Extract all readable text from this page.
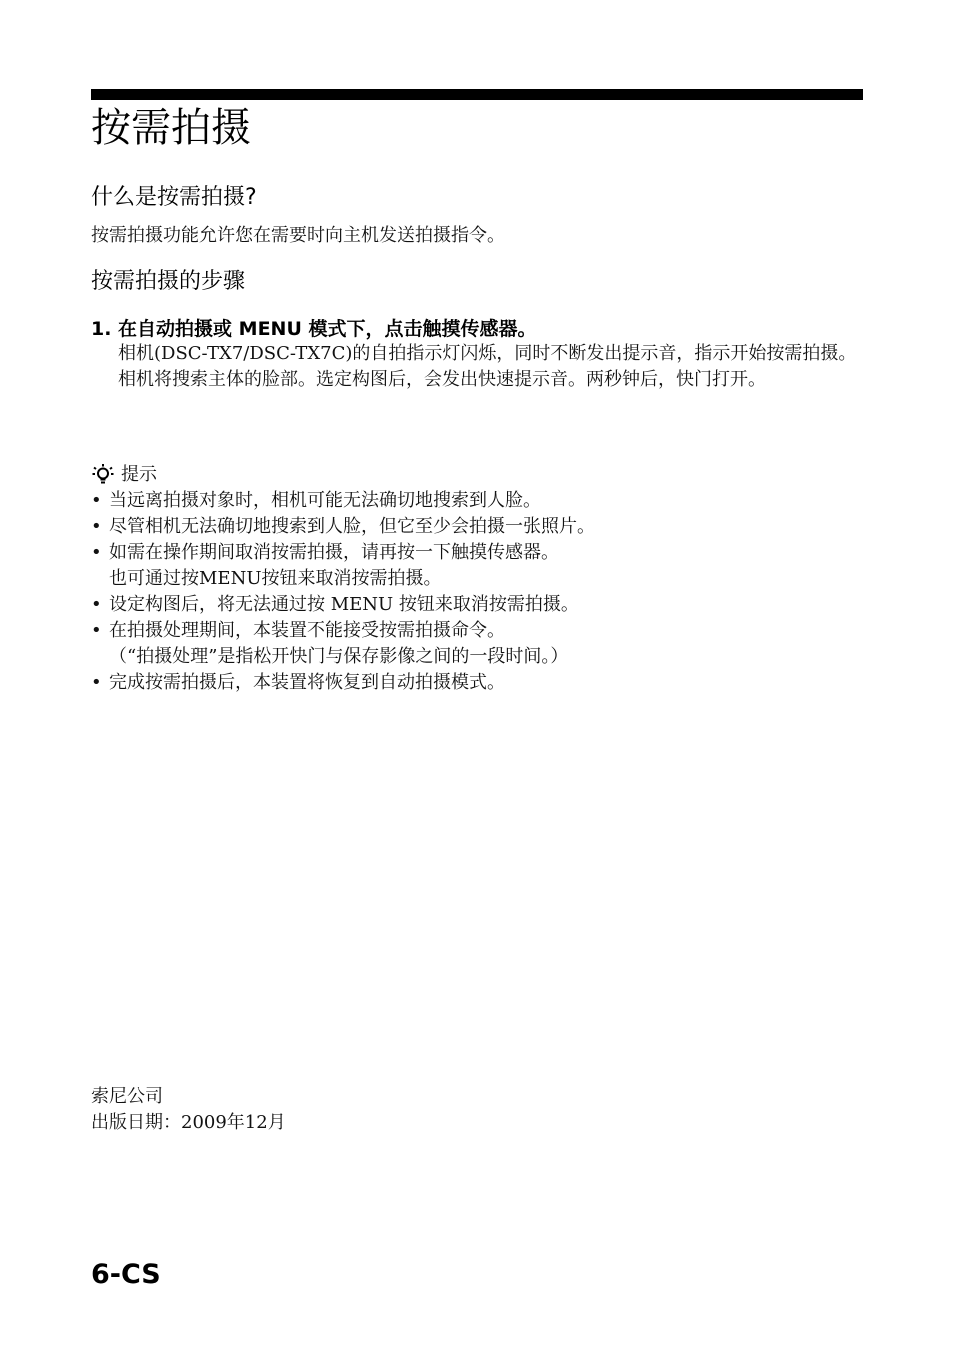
按需拍摄
什么是按需拍摄?

按需拍摄功能允许您在需要时向主机发送拍摄指令。

按需拍摄的步骤

1. 在自动拍摄或 MENU 模式下，点击触摸传感器。

相机(DSC-TX7/DSC-TX7C)的自拍指示灯闪烁，同时不断发出提示音，指示开始按需拍摄。

相机将搜索主体的脸部。选定构图后，会发出快速提示音。两秒钟后，快门打开。

提示
• 当远离拍摄对象时，相机可能无法确切地搜索到人脸。
• 尽管相机无法确切地搜索到人脸，但它至少会拍摄一张照片。
• 如需在操作期间取消按需拍摄，请再按一下触摸传感器。
也可通过按MENU按钮来取消按需拍摄。
• 设定构图后，将无法通过按 MENU 按钮来取消按需拍摄。
• 在拍摄处理期间，本装置不能接受按需拍摄命令。
（“拍摄处理”是指松开快门与保存影像之间的一段时间。）
• 完成按需拍摄后，本装置将恢复到自动拍摄模式。
索尼公司
出版日期：2009年12月
6-CS
